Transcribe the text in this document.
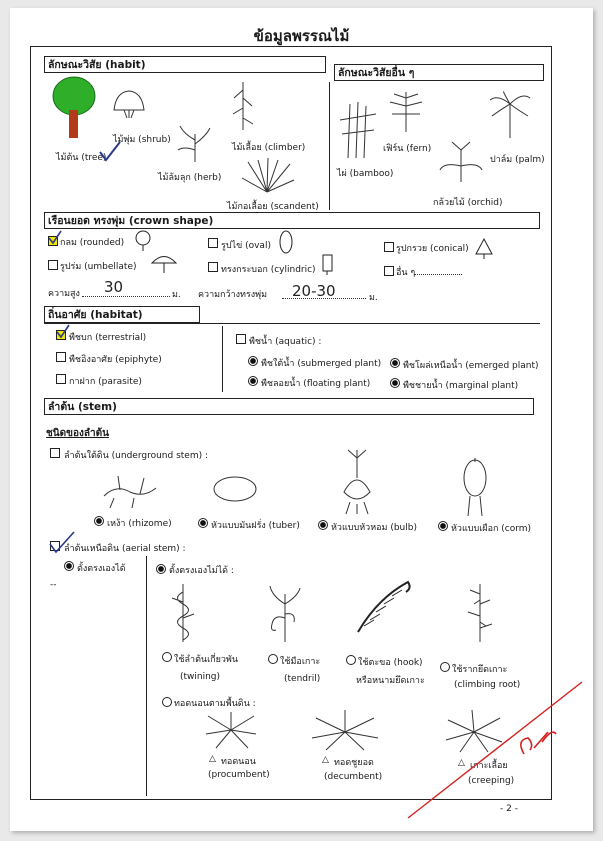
ข้อมูลพรรณไม้
ลักษณะวิสัย (habit)
ลักษณะวิสัยอื่น ๆ
ไม้ต้น (tree)
ไม้พุ่ม (shrub)
ไม้เลื้อย (climber)
ไม้ล้มลุก (herb)
ไม้กอเลื้อย (scandent)
ไผ่ (bamboo)
เฟิร์น (fern)
ปาล์ม (palm)
กล้วยไม้ (orchid)
เรือนยอด ทรงพุ่ม (crown shape)
กลม (rounded)	รูปไข่ (oval)	รูปกรวย (conical)
รูปร่ม (umbellate)	ทรงกระบอก (cylindric)	อื่น ๆ
ความสูง 30	ม. ความกว้างทรงพุ่ม 20-30	ม.
ถิ่นอาศัย (habitat)
พืชบก (terrestrial)
พืชอิงอาศัย (epiphyte)
กาฝาก (parasite)
พืชน้ำ (aquatic) :
พืชใต้น้ำ (submerged plant) พืชโผล่เหนือน้ำ (emerged plant)
พืชลอยน้ำ (floating plant)	พืชชายน้ำ (marginal plant)
ลำต้น (stem)
ชนิดของลำต้น
ลำต้นใต้ดิน (underground stem) :
เหง้า (rhizome)	หัวแบบมันฝรั่ง (tuber)	หัวแบบหัวหอม (bulb)	หัวแบบเผือก (corm)
ลำต้นเหนือดิน (aerial stem) :
ตั้งตรงเองได้
--
ตั้งตรงเองไม่ได้ :
ใช้ลำต้นเกี่ยวพัน
(twining)
ใช้มือเกาะ
(tendril)
ใช้ตะขอ (hook)
หรือหนามยึดเกาะ
ใช้รากยึดเกาะ
(climbing root)
ทอดนอนตามพื้นดิน :
△ ทอดนอน
(procumbent)
△ ทอดชูยอด
(decumbent)
△ เกาะเลื้อย
(creeping)
- 2 -
